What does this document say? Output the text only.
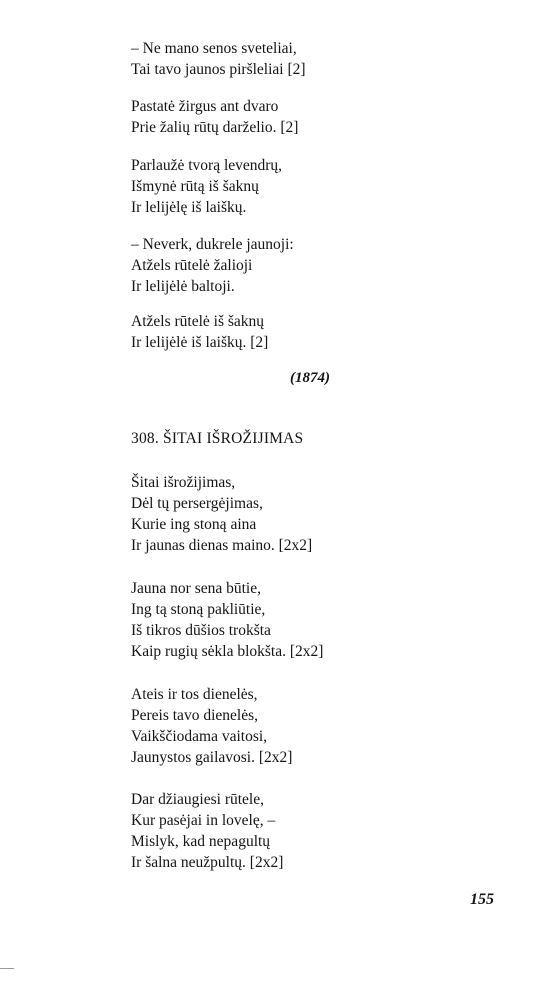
– Ne mano senos sveteliai,
Tai tavo jaunos piršleliai [2]
Pastatė žirgus ant dvaro
Prie žalių rūtų darželio. [2]
Parlaužė tvorą levendrų,
Išmynė rūtą iš šaknų
Ir lelijėlę iš laiškų.
– Neverk, dukrele jaunoji:
Atžels rūtelė žalioji
Ir lelijėlė baltoji.
Atžels rūtelė iš šaknų
Ir lelijėlė iš laiškų. [2]
(1874)
308. ŠITAI IŠROŽIJIMAS
Šitai išrožijimas,
Dėl tų persergėjimas,
Kurie ing stoną aina
Ir jaunas dienas maino. [2x2]
Jauna nor sena būtie,
Ing tą stoną pakliūtie,
Iš tikros dūšios trokšta
Kaip rugių sėkla blokšta. [2x2]
Ateis ir tos dienelės,
Pereis tavo dienelės,
Vaikščiodama vaitosi,
Jaunystos gailavosi. [2x2]
Dar džiaugiesi rūtele,
Kur pasėjai in lovelę, –
Mislyk, kad nepagultų
Ir šalna neužpultų. [2x2]
155
